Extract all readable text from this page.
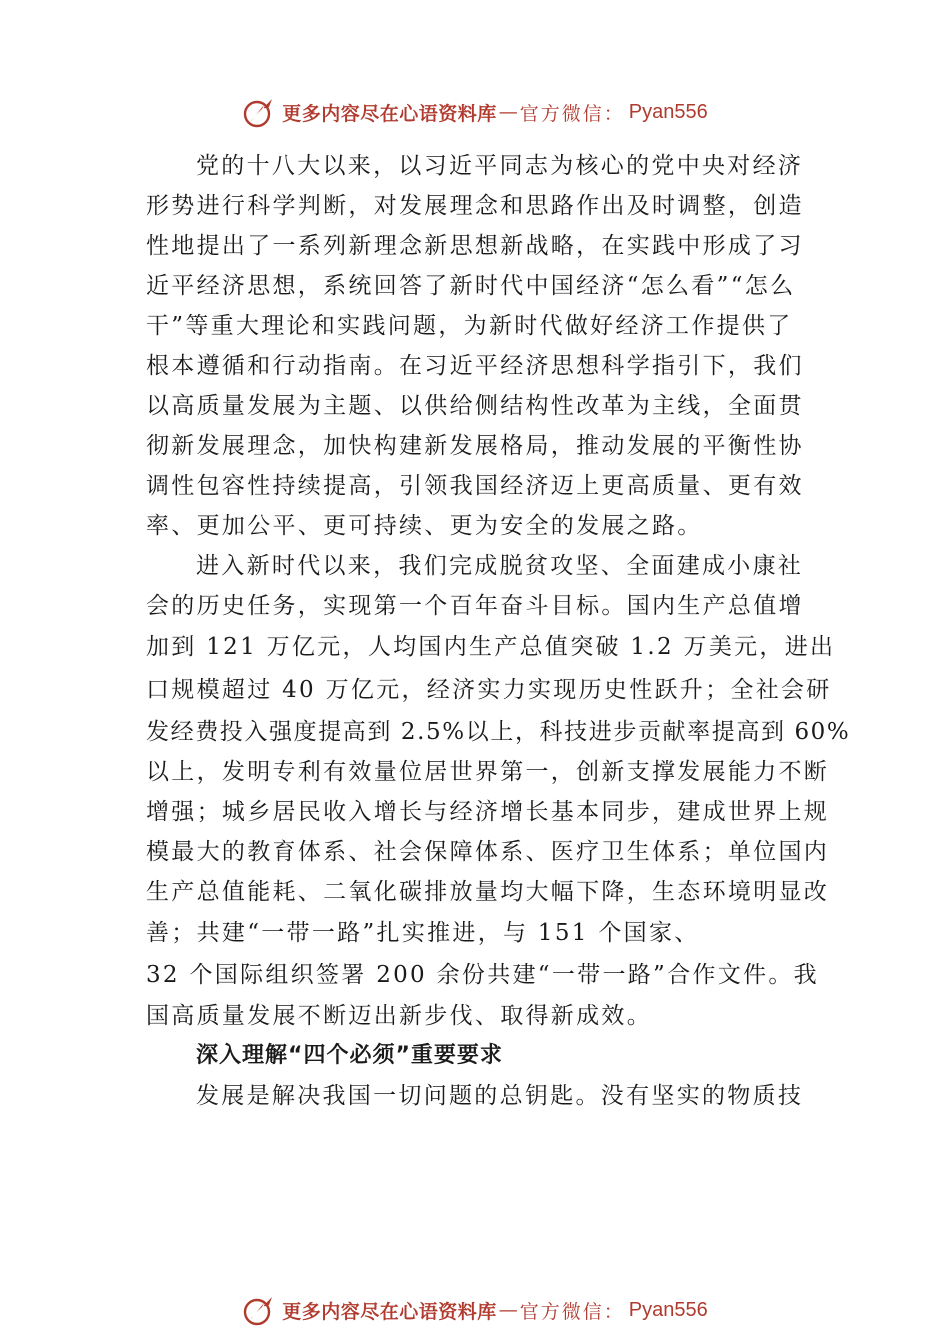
更多内容尽在心语资料库 — 官方微信： Pyan556
党的十八大以来，以习近平同志为核心的党中央对经济
形势进行科学判断，对发展理念和思路作出及时调整，创造
性地提出了一系列新理念新思想新战略，在实践中形成了习
近平经济思想，系统回答了新时代中国经济“怎么看”“怎么
干”等重大理论和实践问题，为新时代做好经济工作提供了
根本遵循和行动指南。在习近平经济思想科学指引下，我们
以高质量发展为主题、以供给侧结构性改革为主线，全面贯
彻新发展理念，加快构建新发展格局，推动发展的平衡性协
调性包容性持续提高，引领我国经济迈上更高质量、更有效
率、更加公平、更可持续、更为安全的发展之路。
进入新时代以来，我们完成脱贫攻坚、全面建成小康社
会的历史任务，实现第一个百年奋斗目标。国内生产总值增
加到 121 万亿元，人均国内生产总值突破 1.2 万美元，进出
口规模超过 40 万亿元，经济实力实现历史性跃升；全社会研
发经费投入强度提高到 2.5%以上，科技进步贡献率提高到 60%
以上，发明专利有效量位居世界第一，创新支撑发展能力不断
增强；城乡居民收入增长与经济增长基本同步，建成世界上规
模最大的教育体系、社会保障体系、医疗卫生体系；单位国内
生产总值能耗、二氧化碳排放量均大幅下降，生态环境明显改
善；共建“一带一路”扎实推进，与 151 个国家、
32 个国际组织签署 200 余份共建“一带一路”合作文件。我
国高质量发展不断迈出新步伐、取得新成效。
深入理解“四个必须”重要要求
发展是解决我国一切问题的总钥匙。没有坚实的物质技
更多内容尽在心语资料库 — 官方微信： Pyan556
